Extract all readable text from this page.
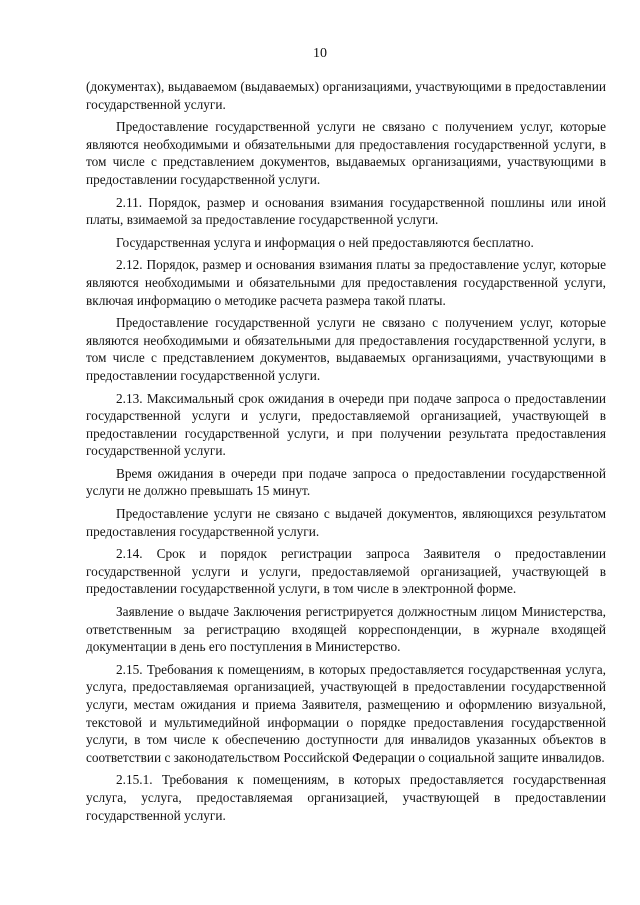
10

(документах), выдаваемом (выдаваемых) организациями, участвующими в предоставлении государственной услуги.

Предоставление государственной услуги не связано с получением услуг, которые являются необходимыми и обязательными для предоставления государственной услуги, в том числе с представлением документов, выдаваемых организациями, участвующими в предоставлении государственной услуги.

2.11. Порядок, размер и основания взимания государственной пошлины или иной платы, взимаемой за предоставление государственной услуги.

Государственная услуга и информация о ней предоставляются бесплатно.

2.12. Порядок, размер и основания взимания платы за предоставление услуг, которые являются необходимыми и обязательными для предоставления государственной услуги, включая информацию о методике расчета размера такой платы.

Предоставление государственной услуги не связано с получением услуг, которые являются необходимыми и обязательными для предоставления государственной услуги, в том числе с представлением документов, выдаваемых организациями, участвующими в предоставлении государственной услуги.

2.13. Максимальный срок ожидания в очереди при подаче запроса о предоставлении государственной услуги и услуги, предоставляемой организацией, участвующей в предоставлении государственной услуги, и при получении результата предоставления государственной услуги.

Время ожидания в очереди при подаче запроса о предоставлении государственной услуги не должно превышать 15 минут.

Предоставление услуги не связано с выдачей документов, являющихся результатом предоставления государственной услуги.

2.14. Срок и порядок регистрации запроса Заявителя о предоставлении государственной услуги и услуги, предоставляемой организацией, участвующей в предоставлении государственной услуги, в том числе в электронной форме.

Заявление о выдаче Заключения регистрируется должностным лицом Министерства, ответственным за регистрацию входящей корреспонденции, в журнале входящей документации в день его поступления в Министерство.

2.15. Требования к помещениям, в которых предоставляется государственная услуга, услуга, предоставляемая организацией, участвующей в предоставлении государственной услуги, местам ожидания и приема Заявителя, размещению и оформлению визуальной, текстовой и мультимедийной информации о порядке предоставления государственной услуги, в том числе к обеспечению доступности для инвалидов указанных объектов в соответствии с законодательством Российской Федерации о социальной защите инвалидов.

2.15.1. Требования к помещениям, в которых предоставляется государственная услуга, услуга, предоставляемая организацией, участвующей в предоставлении государственной услуги.
